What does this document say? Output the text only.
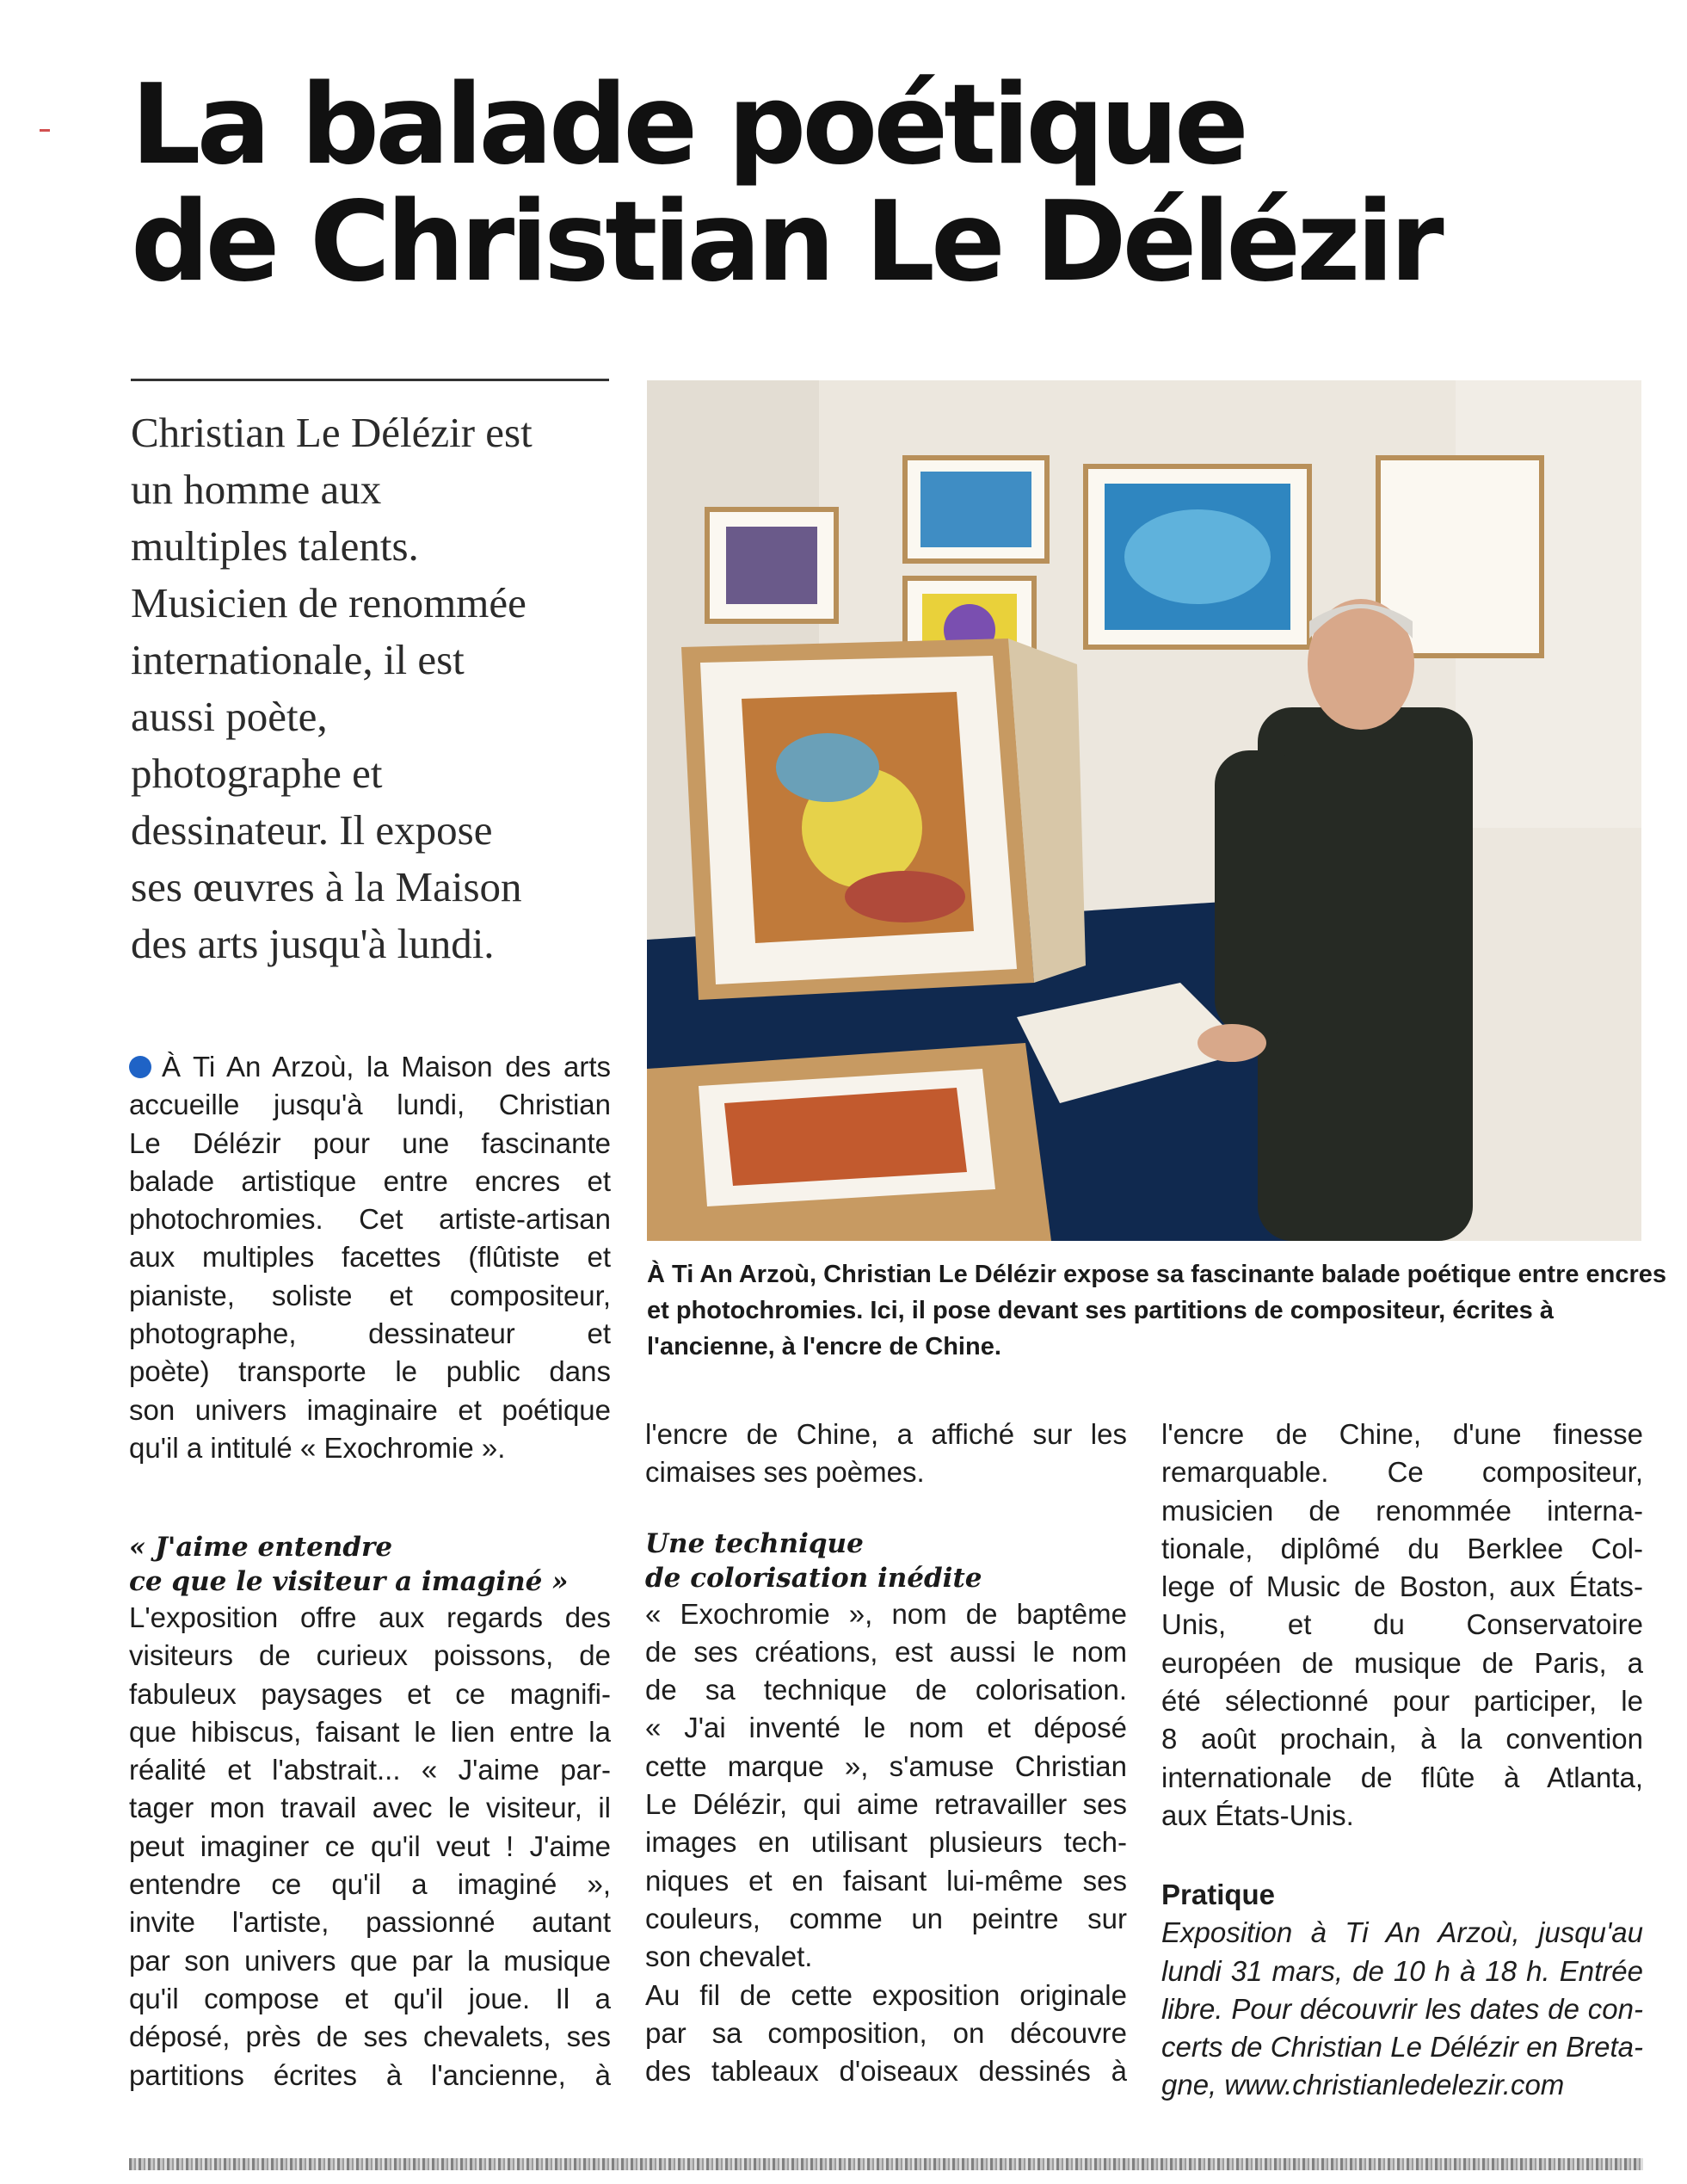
La balade poétique
de Christian Le Délézir

Christian Le Délézir est
un homme aux
multiples talents.
Musicien de renommée
internationale, il est
aussi poète,
photographe et
dessinateur. Il expose
ses œuvres à la Maison
des arts jusqu'à lundi.

À Ti An Arzoù, Christian Le Délézir expose sa fascinante balade poétique entre encres
et photochromies. Ici, il pose devant ses partitions de compositeur, écrites à
l'ancienne, à l'encre de Chine.

À Ti An Arzoù, la Maison des arts
accueille jusqu'à lundi, Christian
Le Délézir pour une fascinante
balade artistique entre encres et
photochromies. Cet artiste-artisan
aux multiples facettes (flûtiste et
pianiste, soliste et compositeur,
photographe, dessinateur et
poète) transporte le public dans
son univers imaginaire et poétique
qu'il a intitulé « Exochromie ».

« J'aime entendre
ce que le visiteur a imaginé »

L'exposition offre aux regards des
visiteurs de curieux poissons, de
fabuleux paysages et ce magnifi-
que hibiscus, faisant le lien entre la
réalité et l'abstrait... « J'aime par-
tager mon travail avec le visiteur, il
peut imaginer ce qu'il veut ! J'aime
entendre ce qu'il a imaginé »,
invite l'artiste, passionné autant
par son univers que par la musique
qu'il compose et qu'il joue. Il a
déposé, près de ses chevalets, ses
partitions écrites à l'ancienne, à
l'encre de Chine, a affiché sur les
cimaises ses poèmes.

Une technique
de colorisation inédite

« Exochromie », nom de baptême
de ses créations, est aussi le nom
de sa technique de colorisation.
« J'ai inventé le nom et déposé
cette marque », s'amuse Christian
Le Délézir, qui aime retravailler ses
images en utilisant plusieurs tech-
niques et en faisant lui-même ses
couleurs, comme un peintre sur
son chevalet.
Au fil de cette exposition originale
par sa composition, on découvre
des tableaux d'oiseaux dessinés à
l'encre de Chine, d'une finesse
remarquable. Ce compositeur,
musicien de renommée interna-
tionale, diplômé du Berklee Col-
lege of Music de Boston, aux États-
Unis, et du Conservatoire
européen de musique de Paris, a
été sélectionné pour participer, le
8 août prochain, à la convention
internationale de flûte à Atlanta,
aux États-Unis.

Pratique

Exposition à Ti An Arzoù, jusqu'au
lundi 31 mars, de 10 h à 18 h. Entrée
libre. Pour découvrir les dates de con-
certs de Christian Le Délézir en Breta-
gne, www.christianledelezir.com
